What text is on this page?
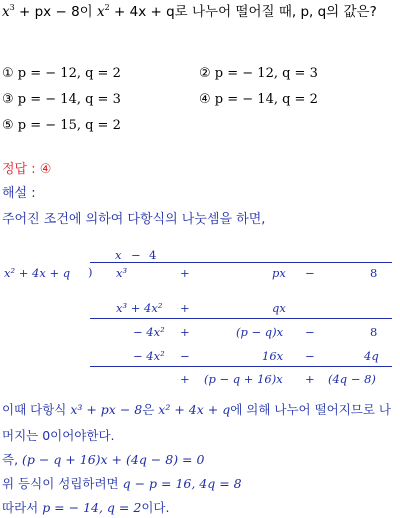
$x^3$ + px − 8이 $x^2 + 4x + q$로 나누어 떨어질 때, p, q의 값은?
① p = − 12, q = 2	② p = − 12, q = 3
③ p = − 14, q = 3	④ p = − 14, q = 2
⑤ p = − 15, q = 2
정답 : ④
해설 :
주어진 조건에 의하여 다항식의 나눗셈을 하면,
x − 4
x² + 4x + q ) x³	+	px −	8
x³ + 4x² +	qx
− 4x² +	(p − q)x −	8
− 4x² −	16x −	4q
+ (p − q + 16)x + (4q − 8)
이때 다항식 x³ + px − 8은 x² + 4x + q에 의해 나누어 떨어지므로 나
머지는 0이어야한다.
즉, (p − q + 16)x + (4q − 8) = 0
위 등식이 성립하려면 q − p = 16, 4q = 8
따라서 p = − 14, q = 2이다.
